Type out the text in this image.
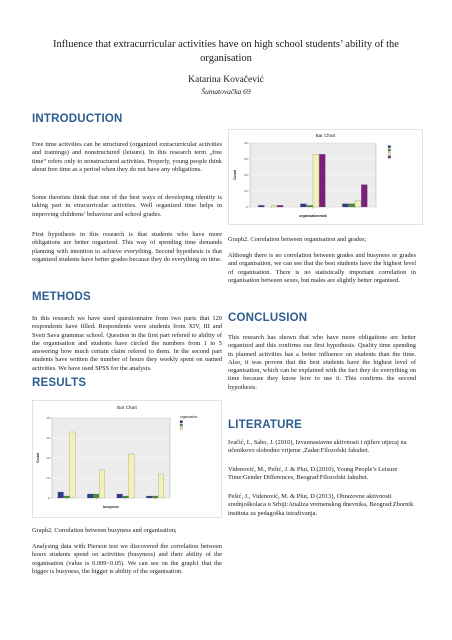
Influence that extracurricular activities have on high school students’ ability of the organisation
Katarina Kovačević
Šumatovačka 69
INTRODUCTION

Free time activities can be structured (organized extracurricular activities and trainings) and nonstructured (leisure). In this research term „free time“ refers only to nonstructured activities. Properly, young people think about free time as a period when they do not have any obligations.

Some theorists think that one of the best ways of developing identity is taking part in etracurricular activities. Well organized time helps in improving childrens’ behaviour and school grades.

First hypothesis in this research is that students who have more obligations are better organized. This way of spending time demands planning with intention to achieve everything. Second hypothesis is that organized students have better grades because they do everything on time.

METHODS

In this research we have used questionnaire from two parts that 120 respondents have filled. Respondents were students from XIV, III and Sveti Sava grammar school. Question in the first part refered to ability of the organisation and students have circled the numbers from 1 to 5 answering how much certain claim refered to them. In the second part students have written the number of hours they weekly spent on named activities. We have used SPSS for the analysis.

RESULTS
Bar Chart
0
10
20
30
40
Count
busyness
organisation

Graph2. Correlation between busyness and organisation;

Analysing data with Pierson test we discovered the correlation between hours students spend on activities (busyness) and their ability of the organisation (value is 0.009<0.05). We can see on the graph1 that the bigger is busyness, the bigger is ability of the organisation.

Bar Chart
0
10
20
30
40
Count
organisationrank

Graph2. Correlation between organisation and grades;

Although there is no correlation between grades and busyness or grades and organisation, we can see that the best students have the highest level of organisation. There is no statistically important correlation in organisation between sexes, but males are slightly better organised.

CONCLUSION

This research has shown that who have more obligations are better organized and this confirms our first hypothesis. Quality time spending in planned activities has a better influence on students than the time. Also, it was proven that the best students have the highest level of organisation, which can be explained with the fact they do everything on time because they know how to use it. This confirms the second hypothesis.

LITERATURE

Ivačić, I., Sabo, J. (2010), Izvannastavne aktivnosti i njihov utjecaj na učenikovo slobodno vrijeme ,Zadar:Filozofski fakultet.

Videnović, M., Pešić, J. & Plut, D.(2010), Young People’s Leisure Time:Gender Differences, Beograd:Filozofski fakultet.

Pešić, J., Videnović, M. & Plut, D (2013), Obrazovne aktivnosti srednjoškolaca u Srbiji:Analiza vremenskog dnevnika, Beograd:Zbornik instituta za pedagoška istraživanja.
